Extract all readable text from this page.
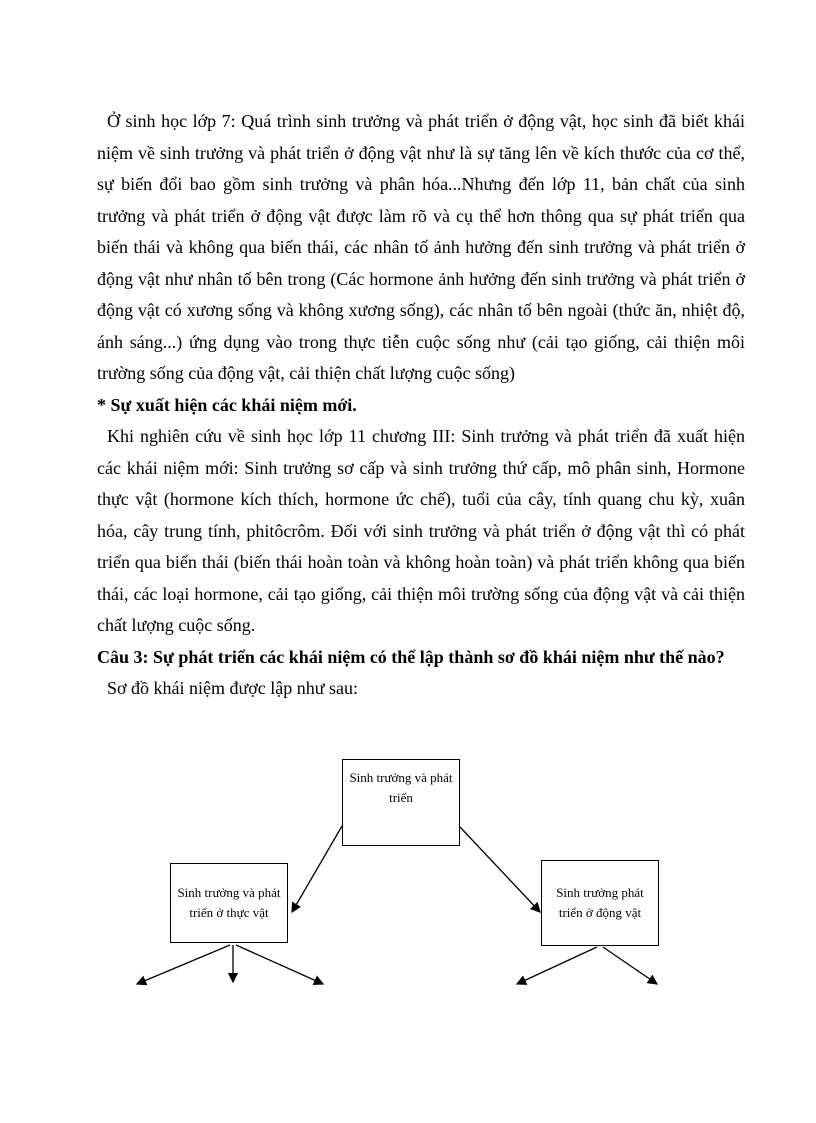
Ở sinh học lớp 7: Quá trình sinh trưởng và phát triển ở động vật, học sinh đã biết khái niệm về sinh trưởng và phát triển ở động vật như là sự tăng lên về kích thước của cơ thể, sự biến đổi bao gồm sinh trưởng và phân hóa...Nhưng đến lớp 11, bản chất của sinh trưởng và phát triển ở động vật được làm rõ và cụ thể hơn thông qua sự phát triển qua biến thái và không qua biến thái, các nhân tố ảnh hưởng đến sinh trưởng và phát triển ở động vật như nhân tố bên trong (Các hormone ảnh hưởng đến sinh trưởng và phát triển ở động vật có xương sống và không xương sống), các nhân tố bên ngoài (thức ăn, nhiệt độ, ánh sáng...) ứng dụng vào trong thực tiễn cuộc sống như (cải tạo giống, cải thiện môi trường sống của động vật, cải thiện chất lượng cuộc sống)

* Sự xuất hiện các khái niệm mới.

Khi nghiên cứu về sinh học lớp 11 chương III: Sinh trưởng và phát triển đã xuất hiện các khái niệm mới: Sinh trưởng sơ cấp và sinh trưởng thứ cấp, mô phân sinh, Hormone thực vật (hormone kích thích, hormone ức chế), tuổi của cây, tính quang chu kỳ, xuân hóa, cây trung tính, phitôcrôm. Đối với sinh trưởng và phát triển ở động vật thì có phát triển qua biến thái (biến thái hoàn toàn và không hoàn toàn) và phát triển không qua biến thái, các loại hormone, cải tạo giống, cải thiện môi trường sống của động vật và cải thiện chất lượng cuộc sống.

Câu 3: Sự phát triển các khái niệm có thể lập thành sơ đồ khái niệm như thế nào?

Sơ đồ khái niệm được lập như sau:

Sinh trưởng và phát triển
Sinh trưởng và phát triển ở thực vật
Sinh trưởng phát triển ở động vật
